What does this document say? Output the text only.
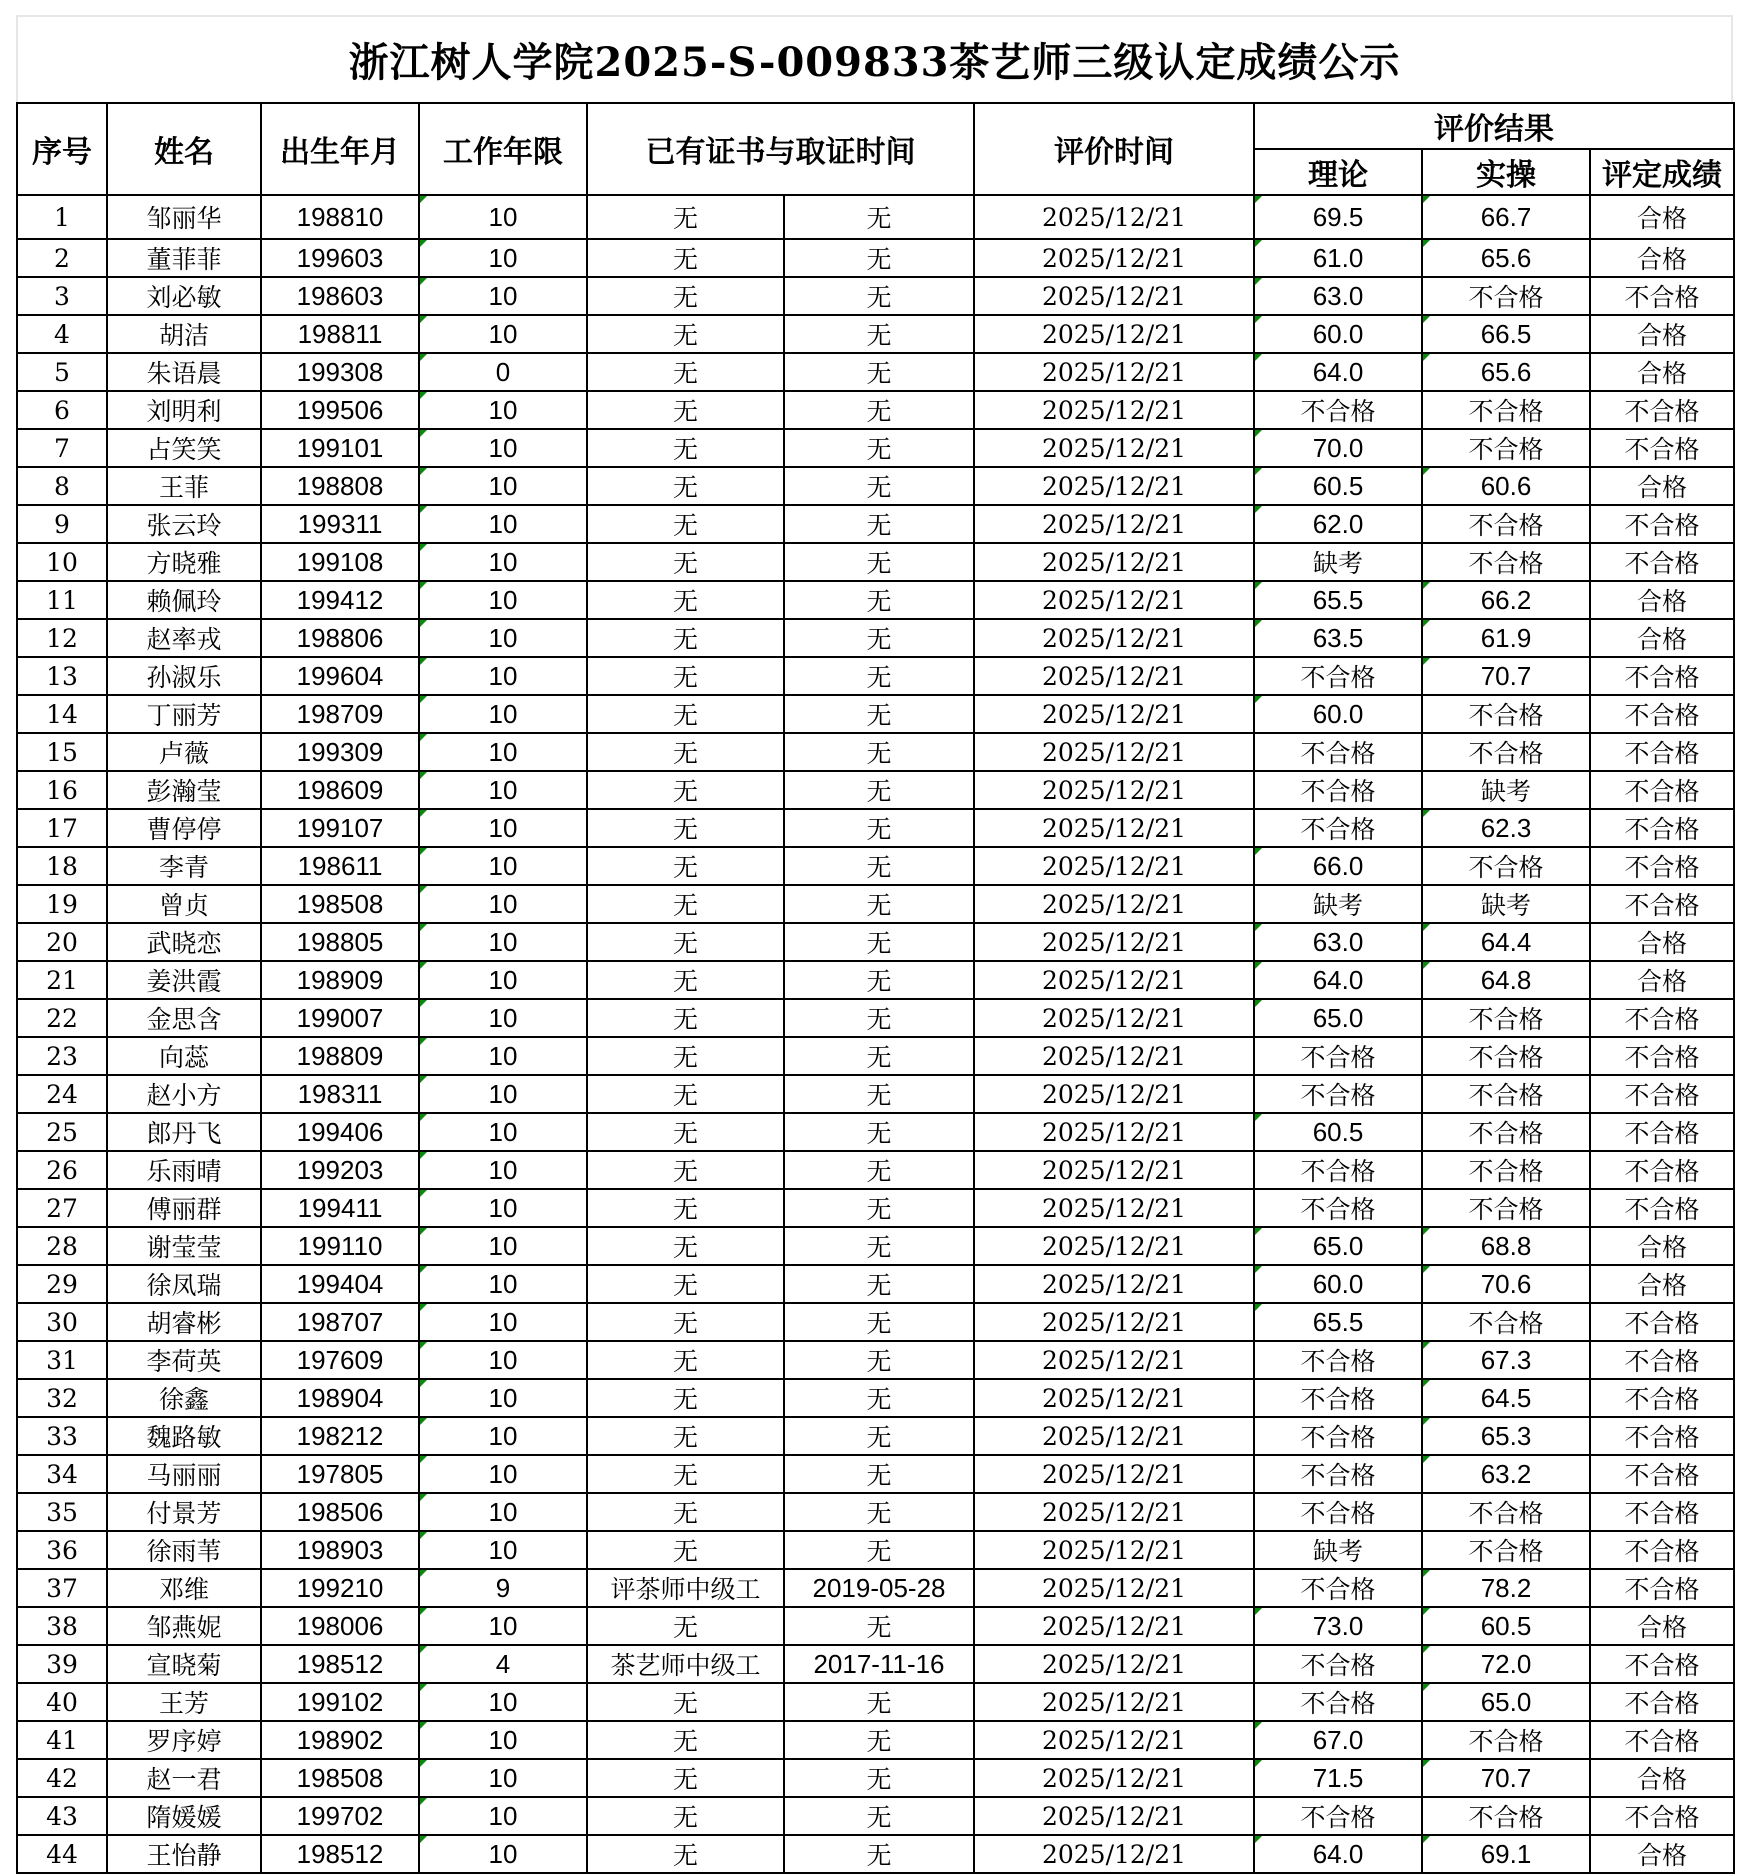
浙江树人学院2025-S-009833茶艺师三级认定成绩公示
序号	姓名	出生年月	工作年限	已有证书与取证时间		评价时间	评价结果		
							理论	实操	评定成绩
1	邹丽华	198810	10	无	无	2025/12/21	69.5	66.7	合格
2	董菲菲	199603	10	无	无	2025/12/21	61.0	65.6	合格
3	刘必敏	198603	10	无	无	2025/12/21	63.0	不合格	不合格
4	胡洁	198811	10	无	无	2025/12/21	60.0	66.5	合格
5	朱语晨	199308	0	无	无	2025/12/21	64.0	65.6	合格
6	刘明利	199506	10	无	无	2025/12/21	不合格	不合格	不合格
7	占笑笑	199101	10	无	无	2025/12/21	70.0	不合格	不合格
8	王菲	198808	10	无	无	2025/12/21	60.5	60.6	合格
9	张云玲	199311	10	无	无	2025/12/21	62.0	不合格	不合格
10	方晓雅	199108	10	无	无	2025/12/21	缺考	不合格	不合格
11	赖佩玲	199412	10	无	无	2025/12/21	65.5	66.2	合格
12	赵率戎	198806	10	无	无	2025/12/21	63.5	61.9	合格
13	孙淑乐	199604	10	无	无	2025/12/21	不合格	70.7	不合格
14	丁丽芳	198709	10	无	无	2025/12/21	60.0	不合格	不合格
15	卢薇	199309	10	无	无	2025/12/21	不合格	不合格	不合格
16	彭瀚莹	198609	10	无	无	2025/12/21	不合格	缺考	不合格
17	曹停停	199107	10	无	无	2025/12/21	不合格	62.3	不合格
18	李青	198611	10	无	无	2025/12/21	66.0	不合格	不合格
19	曾贞	198508	10	无	无	2025/12/21	缺考	缺考	不合格
20	武晓恋	198805	10	无	无	2025/12/21	63.0	64.4	合格
21	姜洪霞	198909	10	无	无	2025/12/21	64.0	64.8	合格
22	金思含	199007	10	无	无	2025/12/21	65.0	不合格	不合格
23	向蕊	198809	10	无	无	2025/12/21	不合格	不合格	不合格
24	赵小方	198311	10	无	无	2025/12/21	不合格	不合格	不合格
25	郎丹飞	199406	10	无	无	2025/12/21	60.5	不合格	不合格
26	乐雨晴	199203	10	无	无	2025/12/21	不合格	不合格	不合格
27	傅丽群	199411	10	无	无	2025/12/21	不合格	不合格	不合格
28	谢莹莹	199110	10	无	无	2025/12/21	65.0	68.8	合格
29	徐凤瑞	199404	10	无	无	2025/12/21	60.0	70.6	合格
30	胡睿彬	198707	10	无	无	2025/12/21	65.5	不合格	不合格
31	李荷英	197609	10	无	无	2025/12/21	不合格	67.3	不合格
32	徐鑫	198904	10	无	无	2025/12/21	不合格	64.5	不合格
33	魏路敏	198212	10	无	无	2025/12/21	不合格	65.3	不合格
34	马丽丽	197805	10	无	无	2025/12/21	不合格	63.2	不合格
35	付景芳	198506	10	无	无	2025/12/21	不合格	不合格	不合格
36	徐雨苇	198903	10	无	无	2025/12/21	缺考	不合格	不合格
37	邓维	199210	9	评茶师中级工	2019-05-28	2025/12/21	不合格	78.2	不合格
38	邹燕妮	198006	10	无	无	2025/12/21	73.0	60.5	合格
39	宣晓菊	198512	4	茶艺师中级工	2017-11-16	2025/12/21	不合格	72.0	不合格
40	王芳	199102	10	无	无	2025/12/21	不合格	65.0	不合格
41	罗序婷	198902	10	无	无	2025/12/21	67.0	不合格	不合格
42	赵一君	198508	10	无	无	2025/12/21	71.5	70.7	合格
43	隋媛媛	199702	10	无	无	2025/12/21	不合格	不合格	不合格
44	王怡静	198512	10	无	无	2025/12/21	64.0	69.1	合格
